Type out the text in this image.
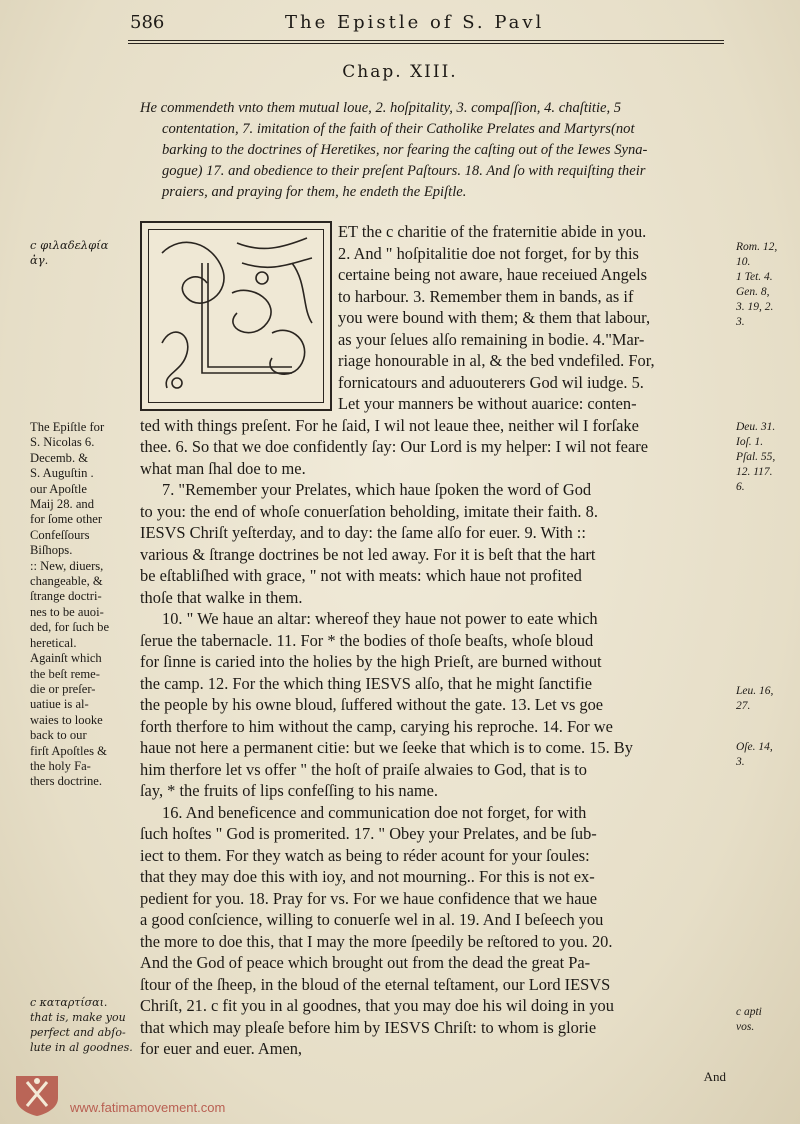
586	The Epistle of S. Pavl
Chap. XIII.
He commendeth vnto them mutual loue, 2. hoſpitality, 3. compaſſion, 4. chaſtitie, 5
contentation, 7. imitation of the faith of their Catholike Prelates and Martyrs(not
barking to the doctrines of Heretikes, nor fearing the caſting out of the Iewes Syna-
gogue) 17. and obedience to their preſent Paſtours. 18. And ſo with requiſting their
praiers, and praying for them, he endeth the Epiſtle.
ET the c charitie of the fraternitie abide in you.
2. And " hoſpitalitie doe not forget, for by this
certaine being not aware, haue receiued Angels
to harbour. 3. Remember them in bands, as if
you were bound with them; & them that labour,
as your ſelues alſo remaining in bodie. 4."Mar-
riage honourable in al, & the bed vndefiled. For,
fornicatours and aduouterers God wil iudge. 5.
Let your manners be without auarice: conten-
ted with things preſent. For he ſaid, I wil not leaue thee, neither wil I forſake
thee. 6. So that we doe confidently ſay: Our Lord is my helper: I wil not feare
what man ſhal doe to me.
7. "Remember your Prelates, which haue ſpoken the word of God
to you: the end of whoſe conuerſation beholding, imitate their faith. 8.
IESVS Chriſt yeſterday, and to day: the ſame alſo for euer. 9. With ::
various & ſtrange doctrines be not led away. For it is beſt that the hart
be eſtabliſhed with grace, " not with meats: which haue not profited
thoſe that walke in them.
10. " We haue an altar: whereof they haue not power to eate which
ſerue the tabernacle. 11. For * the bodies of thoſe beaſts, whoſe bloud
for ſinne is caried into the holies by the high Prieſt, are burned without
the camp. 12. For the which thing IESVS alſo, that he might ſanctifie
the people by his owne bloud, ſuffered without the gate. 13. Let vs goe
forth therfore to him without the camp, carying his reproche. 14. For we
haue not here a permanent citie: but we ſeeke that which is to come. 15. By
him therfore let vs offer " the hoſt of praiſe alwaies to God, that is to
ſay, * the fruits of lips confeſſing to his name.
16. And beneficence and communication doe not forget, for with
ſuch hoſtes " God is promerited. 17. " Obey your Prelates, and be ſub-
iect to them. For they watch as being to réder acount for your ſoules:
that they may doe this with ioy, and not mourning.. For this is not ex-
pedient for you. 18. Pray for vs. For we haue confidence that we haue
a good conſcience, willing to conuerſe wel in al. 19. And I beſeech you
the more to doe this, that I may the more ſpeedily be reſtored to you. 20.
And the God of peace which brought out from the dead the great Pa-
ſtour of the ſheep, in the bloud of the eternal teſtament, our Lord IESVS
Chriſt, 21. c fit you in al goodnes, that you may doe his wil doing in you
that which may pleaſe before him by IESVS Chriſt: to whom is glorie
for euer and euer. Amen,
And
c φιλαδελφία
ἀγ.
The Epiſtle for
S. Nicolas 6.
Decemb. &
S. Auguſtin .
our Apoſtle
Maij 28. and
for ſome other
Confeſſours
Biſhops.
:: New, diuers,
changeable, &
ſtrange doctri-
nes to be auoi-
ded, for ſuch be
heretical.
Againſt which
the beſt reme-
die or preſer-
uatiue is al-
waies to looke
back to our
firſt Apoſtles &
the holy Fa-
thers doctrine.
c καταρτίσαι.
that is, make you
perfect and abſo-
lute in al goodnes.
Rom. 12,
10.
1 Tet. 4.
Gen. 8,
3. 19, 2.
3.
Deu. 31.
Ioſ. 1.
Pſal. 55,
12. 117.
6.
Leu. 16,
27.
Oſe. 14,
3.
c apti
vos.
www.fatimamovement.com
